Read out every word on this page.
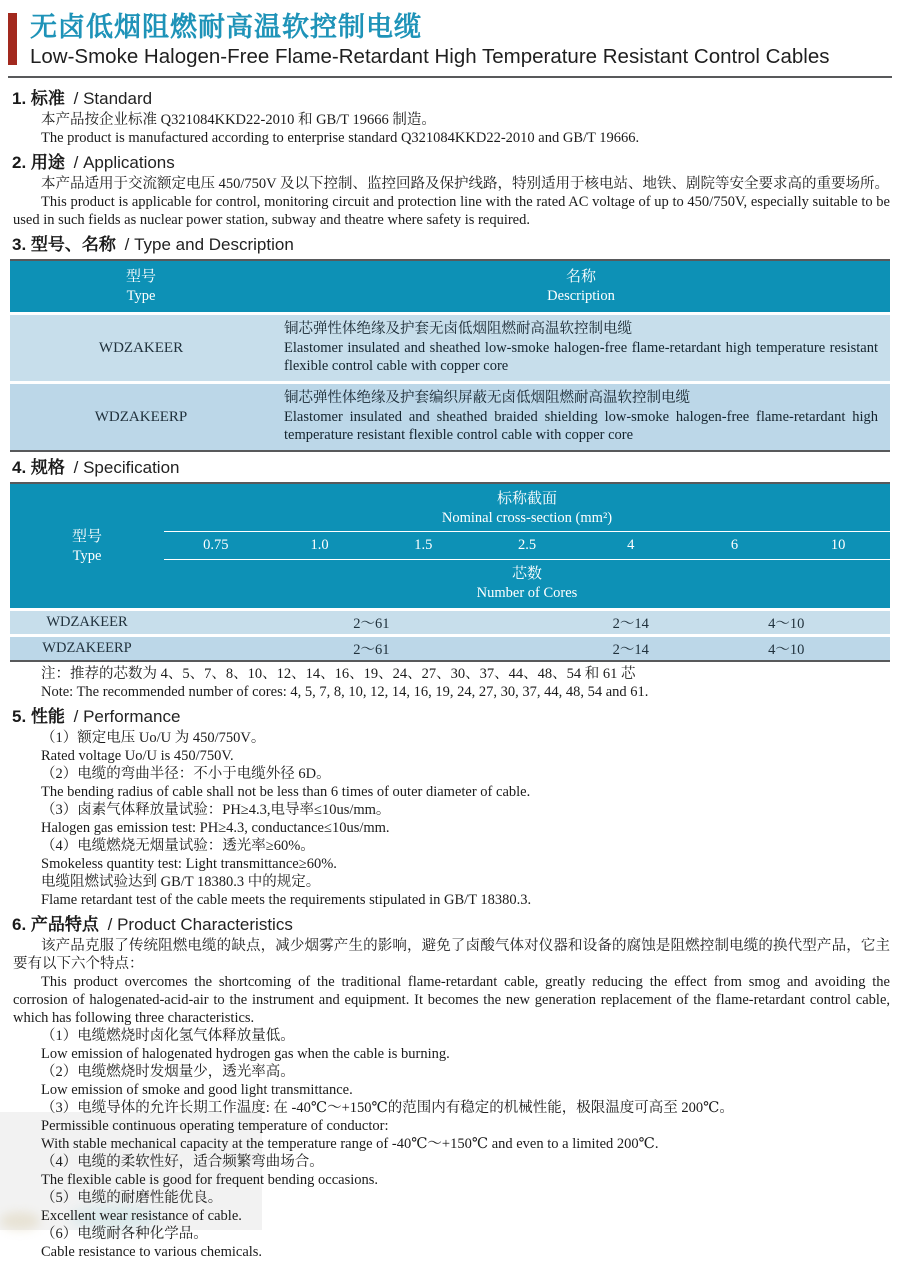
无卤低烟阻燃耐高温软控制电缆
Low-Smoke Halogen-Free Flame-Retardant High Temperature Resistant Control Cables
1. 标准 / Standard

本产品按企业标准 Q321084KKD22-2010 和 GB/T 19666 制造。

The product is manufactured according to enterprise standard Q321084KKD22-2010 and GB/T 19666.

2. 用途 / Applications

本产品适用于交流额定电压 450/750V 及以下控制、监控回路及保护线路，特别适用于核电站、地铁、剧院等安全要求高的重要场所。

This product is applicable for control, monitoring circuit and protection line with the rated AC voltage of up to 450/750V, especially suitable to be used in such fields as nuclear power station, subway and theatre where safety is required.

3. 型号、名称 / Type and Description
型号
Type
名称
Description
WDZAKEER
铜芯弹性体绝缘及护套无卤低烟阻燃耐高温软控制电缆
Elastomer insulated and sheathed low-smoke halogen-free flame-retardant high temperature resistant flexible control cable with copper core
WDZAKEERP
铜芯弹性体绝缘及护套编织屏蔽无卤低烟阻燃耐高温软控制电缆
Elastomer insulated and sheathed braided shielding low-smoke halogen-free flame-retardant high temperature resistant flexible control cable with copper core
4. 规格 / Specification
型号
Type
标称截面
Nominal cross-section (mm²)
0.75	1.0	1.5	2.5	4	6	10
芯数
Number of Cores
WDZAKEER	2～61	2～14	4～10
WDZAKEERP	2～61	2～14	4～10

注：推荐的芯数为 4、5、7、8、10、12、14、16、19、24、27、30、37、44、48、54 和 61 芯

Note: The recommended number of cores: 4, 5, 7, 8, 10, 12, 14, 16, 19, 24, 27, 30, 37, 44, 48, 54 and 61.

5. 性能 / Performance

（1）额定电压 Uo/U 为 450/750V。

Rated voltage Uo/U is 450/750V.

（2）电缆的弯曲半径：不小于电缆外径 6D。

The bending radius of cable shall not be less than 6 times of outer diameter of cable.

（3）卤素气体释放量试验：PH≥4.3,电导率≤10us/mm。

Halogen gas emission test: PH≥4.3, conductance≤10us/mm.

（4）电缆燃烧无烟量试验：透光率≥60%。

Smokeless quantity test: Light transmittance≥60%.

电缆阻燃试验达到 GB/T 18380.3 中的规定。

Flame retardant test of the cable meets the requirements stipulated in GB/T 18380.3.

6. 产品特点 / Product Characteristics

该产品克服了传统阻燃电缆的缺点，减少烟雾产生的影响，避免了卤酸气体对仪器和设备的腐蚀是阻燃控制电缆的换代型产品，它主要有以下六个特点：

This product overcomes the shortcoming of the traditional flame-retardant cable, greatly reducing the effect from smog and avoiding the corrosion of halogenated-acid-air to the instrument and equipment. It becomes the new generation replacement of the flame-retardant control cable, which has following three characteristics.

（1）电缆燃烧时卤化氢气体释放量低。

Low emission of halogenated hydrogen gas when the cable is burning.

（2）电缆燃烧时发烟量少，透光率高。

Low emission of smoke and good light transmittance.

（3）电缆导体的允许长期工作温度: 在 -40℃～+150℃的范围内有稳定的机械性能，极限温度可高至 200℃。

Permissible continuous operating temperature of conductor:

With stable mechanical capacity at the temperature range of -40℃～+150℃ and even to a limited 200℃.

（4）电缆的柔软性好，适合频繁弯曲场合。

The flexible cable is good for frequent bending occasions.

（5）电缆的耐磨性能优良。

Excellent wear resistance of cable.

（6）电缆耐各种化学品。

Cable resistance to various chemicals.
